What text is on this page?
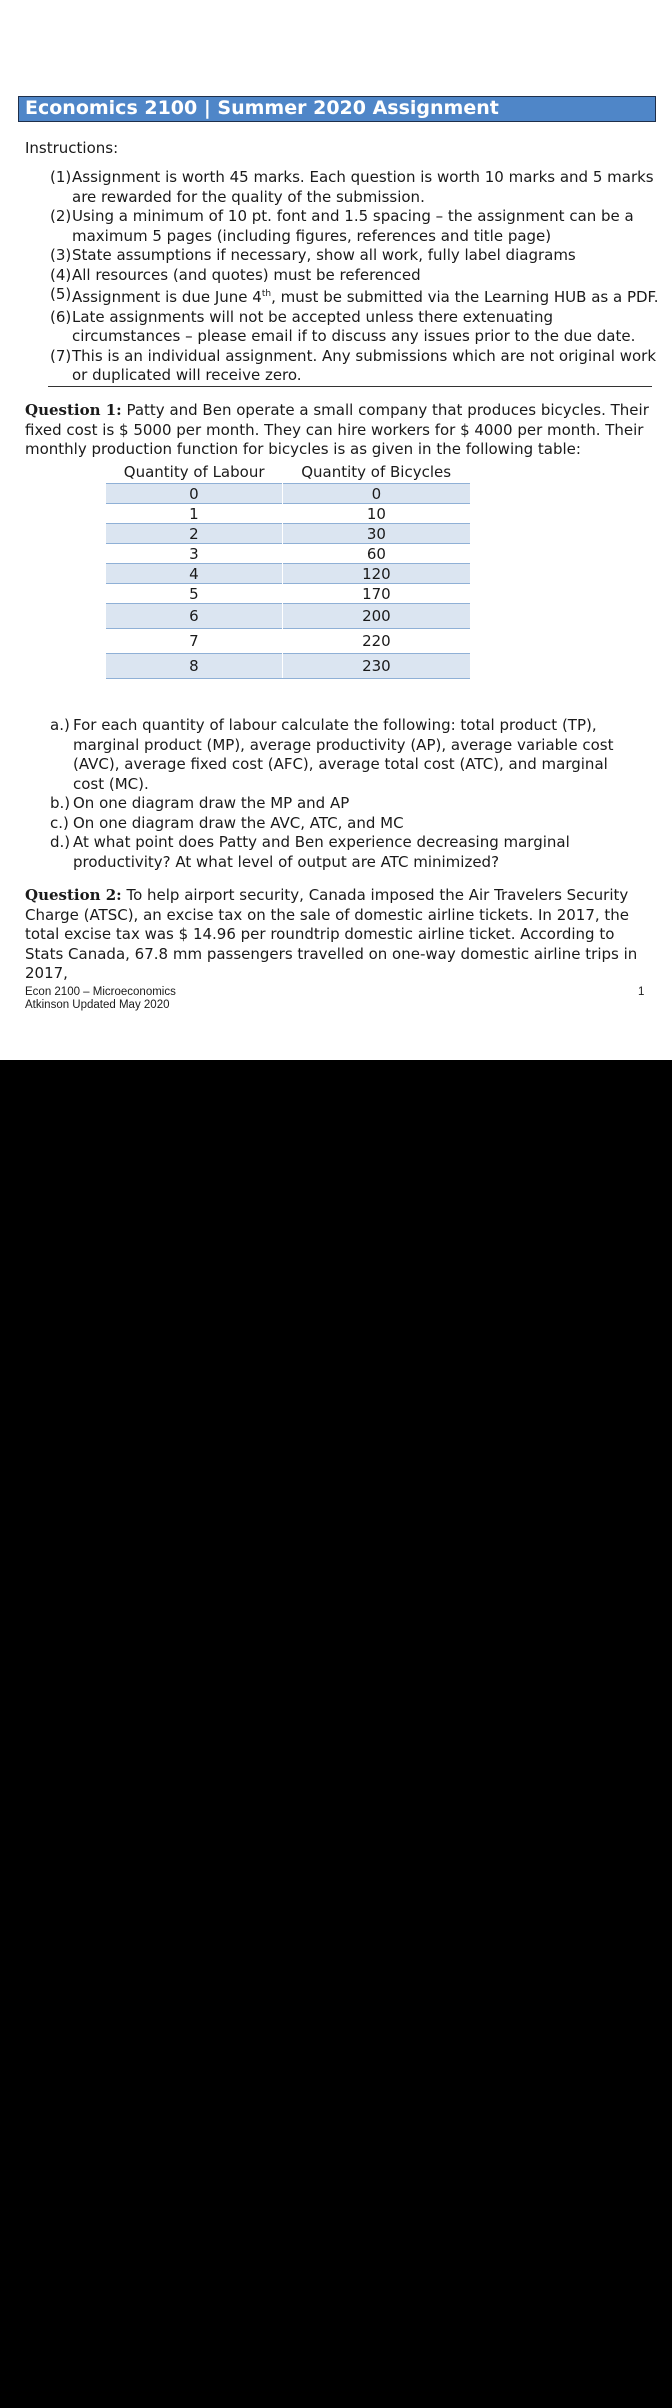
Economics 2100 | Summer 2020 Assignment
Instructions:
(1) Assignment is worth 45 marks. Each question is worth 10 marks and 5 marks are rewarded for the quality of the submission.
(2) Using a minimum of 10 pt. font and 1.5 spacing – the assignment can be a maximum 5 pages (including figures, references and title page)
(3) State assumptions if necessary, show all work, fully label diagrams
(4) All resources (and quotes) must be referenced
(5) Assignment is due June 4th, must be submitted via the Learning HUB as a PDF.
(6) Late assignments will not be accepted unless there extenuating circumstances – please email if to discuss any issues prior to the due date.
(7) This is an individual assignment. Any submissions which are not original work or duplicated will receive zero.
Question 1: Patty and Ben operate a small company that produces bicycles. Their fixed cost is $ 5000 per month. They can hire workers for $ 4000 per month. Their monthly production function for bicycles is as given in the following table:
Quantity of Labour	Quantity of Bicycles
0	0
1	10
2	30
3	60
4	120
5	170
6	200
7	220
8	230
a.) For each quantity of labour calculate the following: total product (TP), marginal product (MP), average productivity (AP), average variable cost (AVC), average fixed cost (AFC), average total cost (ATC), and marginal cost (MC).
b.) On one diagram draw the MP and AP
c.) On one diagram draw the AVC, ATC, and MC
d.) At what point does Patty and Ben experience decreasing marginal productivity? At what level of output are ATC minimized?
Question 2: To help airport security, Canada imposed the Air Travelers Security Charge (ATSC), an excise tax on the sale of domestic airline tickets. In 2017, the total excise tax was $ 14.96 per roundtrip domestic airline ticket. According to Stats Canada, 67.8 mm passengers travelled on one-way domestic airline trips in 2017,
Econ 2100 – Microeconomics
Atkinson Updated May 2020
1
